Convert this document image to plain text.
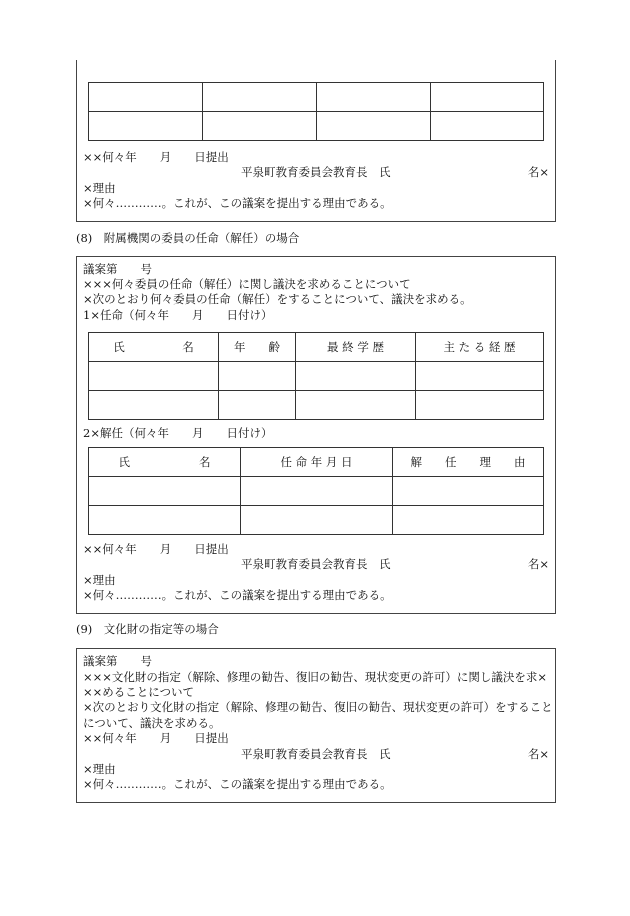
××何々年　　月　　日提出
平泉町教育委員会教育長　氏	名×
×理由
×何々…………。これが、この議案を提出する理由である。
(8)　附属機関の委員の任命（解任）の場合
議案第　　号
×××何々委員の任命（解任）に関し議決を求めることについて
×次のとおり何々委員の任命（解任）をすることについて、議決を求める。
1×任命（何々年　　月　　日付け）
氏　　　　　名	年　　齢	最 終 学 歴	主 た る 経 歴

2×解任（何々年　　月　　日付け）
氏　　　　　　名	任 命 年 月 日	解　　任　　理　　由

××何々年　　月　　日提出
平泉町教育委員会教育長　氏	名×
×理由
×何々…………。これが、この議案を提出する理由である。
(9)　文化財の指定等の場合
議案第　　号
×××文化財の指定（解除、修理の勧告、復旧の勧告、現状変更の許可）に関し議決を求×
××めることについて
×次のとおり文化財の指定（解除、修理の勧告、復旧の勧告、現状変更の許可）をすること
について、議決を求める。
××何々年　　月　　日提出
平泉町教育委員会教育長　氏	名×
×理由
×何々…………。これが、この議案を提出する理由である。
